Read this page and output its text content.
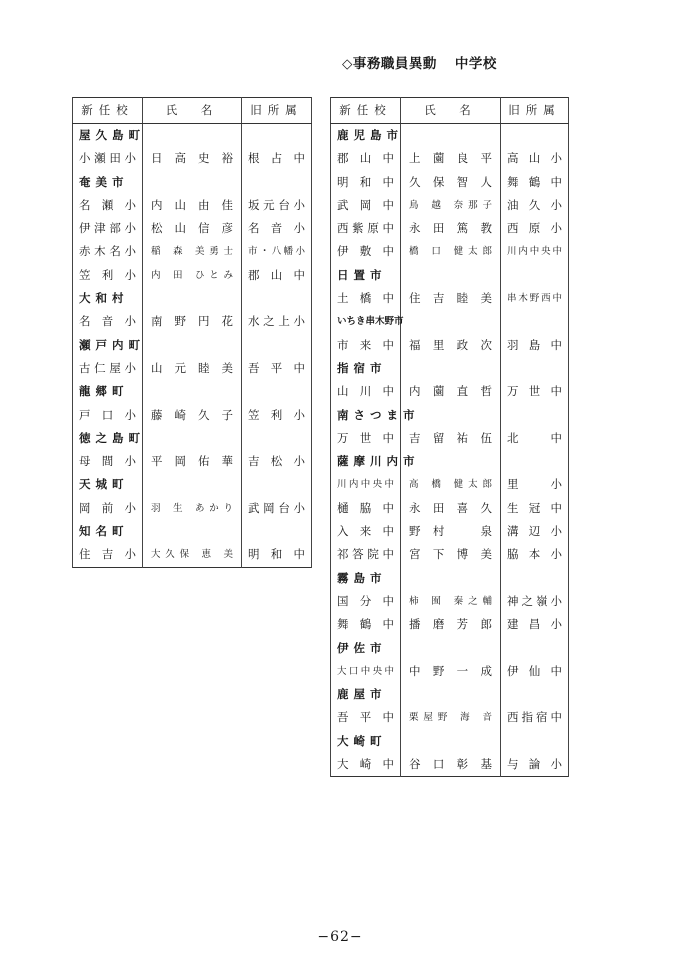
◇事務職員異動 中学校
新任校	氏　名	旧所属
屋久島町		
小瀬田小	日 高 史 裕	根 占 中
奄美市		
名 瀬 小	内 山 由 佳	坂元台小
伊津部小	松 山 信 彦	名 音 小
赤木名小	稲 森 美勇士	市・八幡小
笠 利 小	内 田 ひとみ	郡 山 中
大和村		
名 音 小	南 野 円 花	水之上小
瀬戸内町		
古仁屋小	山 元 睦 美	吾 平 中
龍郷町		
戸 口 小	藤 崎 久 子	笠 利 小
徳之島町		
母 間 小	平 岡 佑 華	吉 松 小
天城町		
岡 前 小	羽 生 あかり	武岡台小
知名町		
住 吉 小	大久保 恵 美	明 和 中
新任校	氏　名	旧所属
鹿児島市		
郡 山 中	上 薗 良 平	高 山 小
明 和 中	久 保 智 人	舞 鶴 中
武 岡 中	鳥 越 奈那子	油 久 小
西紫原中	永 田 篤 教	西 原 小
伊 敷 中	橋 口 健太郎	川内中央中
日置市		
土 橋 中	住 吉 睦 美	串木野西中
いちき串木野市		
市 来 中	福 里 政 次	羽 島 中
指宿市		
山 川 中	内 薗 直 哲	万 世 中
南さつま市		
万 世 中	吉 留 祐 伍	北　　中
薩摩川内市		
川内中央中	高 橋 健太郎	里　　小
樋 脇 中	永 田 喜 久	生 冠 中
入 来 中	野 村 　 泉	溝 辺 小
祁答院中	宮 下 博 美	脇 本 小
霧島市		
国 分 中	柿 囿 秦之輔	神之嶺小
舞 鶴 中	播 磨 芳 郎	建 昌 小
伊佐市		
大口中央中	中 野 一 成	伊 仙 中
鹿屋市		
吾 平 中	栗屋野 海 音	西指宿中
大崎町		
大 崎 中	谷 口 彰 基	与 論 小
−62−
